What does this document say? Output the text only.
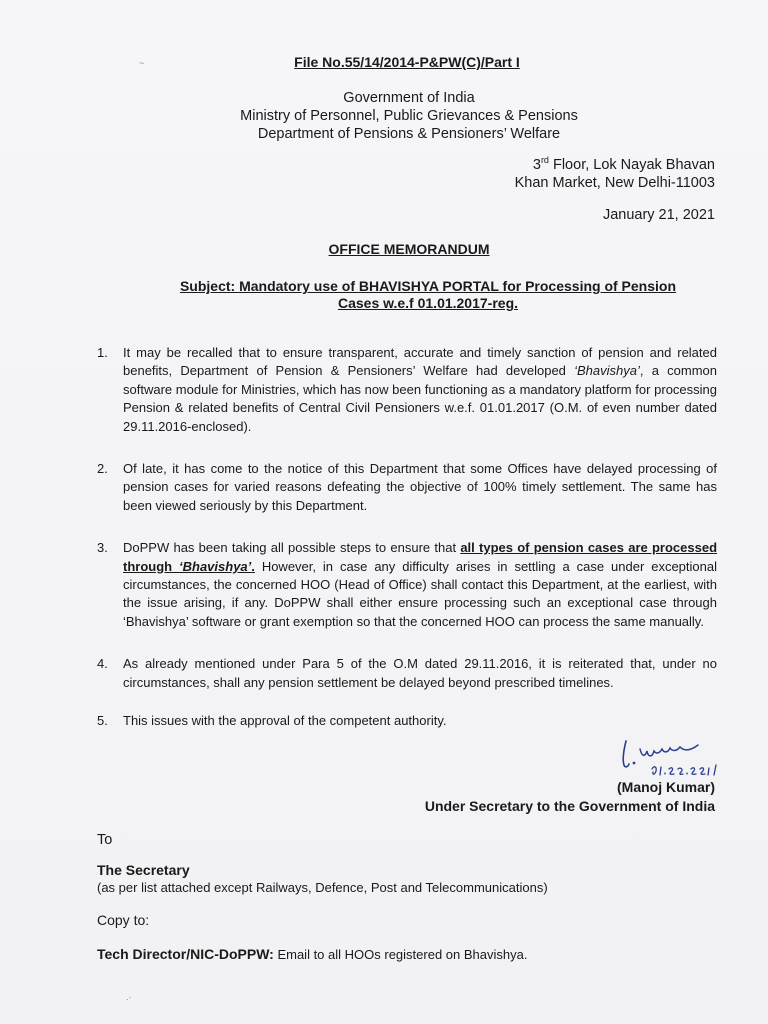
~
.·
File No.55/14/2014-P&PW(C)/Part I
Government of India
Ministry of Personnel, Public Grievances & Pensions
Department of Pensions & Pensioners’ Welfare
3rd Floor, Lok Nayak Bhavan
Khan Market, New Delhi-11003
January 21, 2021
OFFICE MEMORANDUM
Subject: Mandatory use of BHAVISHYA PORTAL for Processing of Pension
Cases w.e.f 01.01.2017-reg.
1. It may be recalled that to ensure transparent, accurate and timely sanction of pension and related benefits, Department of Pension & Pensioners’ Welfare had developed ‘Bhavishya’, a common software module for Ministries, which has now been functioning as a mandatory platform for processing Pension & related benefits of Central Civil Pensioners w.e.f. 01.01.2017 (O.M. of even number dated 29.11.2016-enclosed).
2. Of late, it has come to the notice of this Department that some Offices have delayed processing of pension cases for varied reasons defeating the objective of 100% timely settlement. The same has been viewed seriously by this Department.
3. DoPPW has been taking all possible steps to ensure that all types of pension cases are processed through ‘Bhavishya’. However, in case any difficulty arises in settling a case under exceptional circumstances, the concerned HOO (Head of Office) shall contact this Department, at the earliest, with the issue arising, if any. DoPPW shall either ensure processing such an exceptional case through ‘Bhavishya’ software or grant exemption so that the concerned HOO can process the same manually.
4. As already mentioned under Para 5 of the O.M dated 29.11.2016, it is reiterated that, under no circumstances, shall any pension settlement be delayed beyond prescribed timelines.
5. This issues with the approval of the competent authority.
(Manoj Kumar)
Under Secretary to the Government of India
To
The Secretary
(as per list attached except Railways, Defence, Post and Telecommunications)
Copy to:
Tech Director/NIC-DoPPW: Email to all HOOs registered on Bhavishya.
